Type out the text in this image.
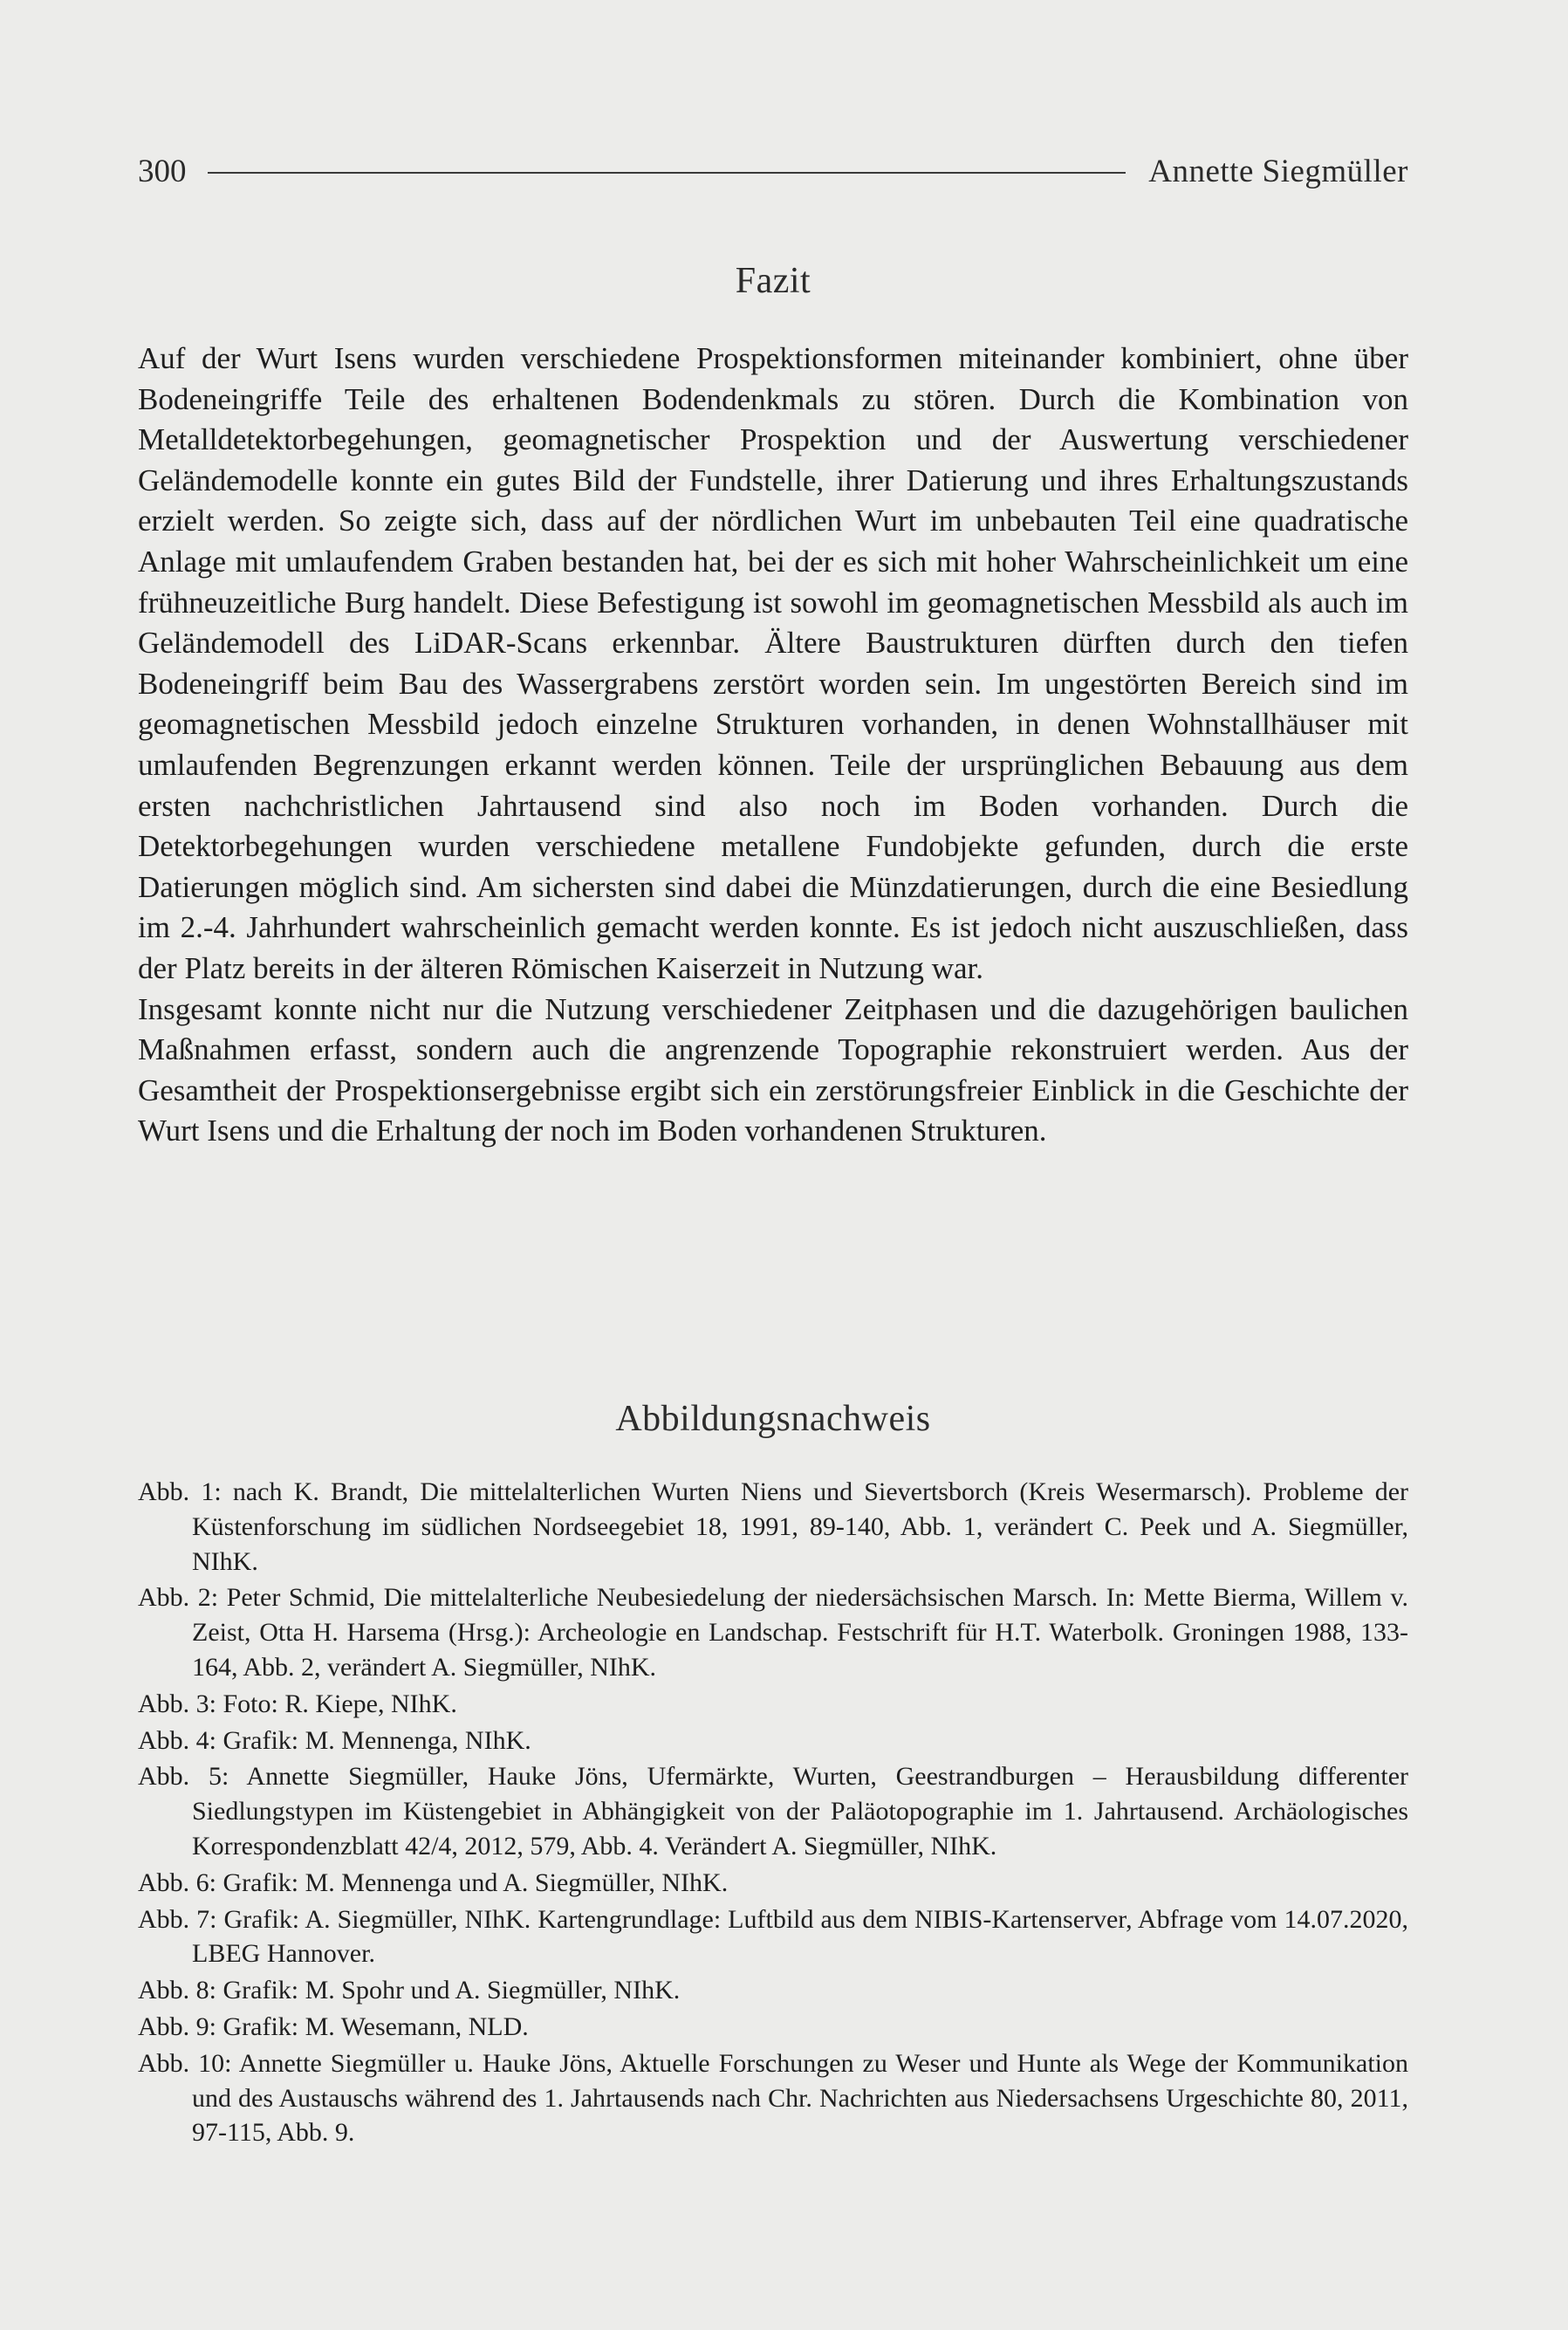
300	Annette Siegmüller
Fazit

Auf der Wurt Isens wurden verschiedene Prospektionsformen miteinander kombiniert, ohne über Bodeneingriffe Teile des erhaltenen Bodendenkmals zu stören. Durch die Kombination von Metalldetektorbegehungen, geomagnetischer Prospektion und der Auswertung verschiedener Geländemodelle konnte ein gutes Bild der Fundstelle, ihrer Datierung und ihres Erhaltungszustands erzielt werden. So zeigte sich, dass auf der nördlichen Wurt im unbebauten Teil eine quadratische Anlage mit umlaufendem Graben bestanden hat, bei der es sich mit hoher Wahrscheinlichkeit um eine frühneuzeitliche Burg handelt. Diese Befestigung ist sowohl im geomagnetischen Messbild als auch im Geländemodell des LiDAR-Scans erkennbar. Ältere Baustrukturen dürften durch den tiefen Bodeneingriff beim Bau des Wassergrabens zerstört worden sein. Im ungestörten Bereich sind im geomagnetischen Messbild jedoch einzelne Strukturen vorhanden, in denen Wohnstallhäuser mit umlaufenden Begrenzungen erkannt werden können. Teile der ursprünglichen Bebauung aus dem ersten nachchristlichen Jahrtausend sind also noch im Boden vorhanden. Durch die Detektorbegehungen wurden verschiedene metallene Fundobjekte gefunden, durch die erste Datierungen möglich sind. Am sichersten sind dabei die Münzdatierungen, durch die eine Besiedlung im 2.-4. Jahrhundert wahrscheinlich gemacht werden konnte. Es ist jedoch nicht auszuschließen, dass der Platz bereits in der älteren Römischen Kaiserzeit in Nutzung war.

Insgesamt konnte nicht nur die Nutzung verschiedener Zeitphasen und die dazugehörigen baulichen Maßnahmen erfasst, sondern auch die angrenzende Topographie rekonstruiert werden. Aus der Gesamtheit der Prospektionsergebnisse ergibt sich ein zerstörungsfreier Einblick in die Geschichte der Wurt Isens und die Erhaltung der noch im Boden vorhandenen Strukturen.

Abbildungsnachweis
Abb. 1: nach K. Brandt, Die mittelalterlichen Wurten Niens und Sievertsborch (Kreis Wesermarsch). Probleme der Küstenforschung im südlichen Nordseegebiet 18, 1991, 89-140, Abb. 1, verändert C. Peek und A. Siegmüller, NIhK.
Abb. 2: Peter Schmid, Die mittelalterliche Neubesiedelung der niedersächsischen Marsch. In: Mette Bierma, Willem v. Zeist, Otta H. Harsema (Hrsg.): Archeologie en Landschap. Festschrift für H.T. Waterbolk. Groningen 1988, 133-164, Abb. 2, verändert A. Siegmüller, NIhK.
Abb. 3: Foto: R. Kiepe, NIhK.
Abb. 4: Grafik: M. Mennenga, NIhK.
Abb. 5: Annette Siegmüller, Hauke Jöns, Ufermärkte, Wurten, Geestrandburgen – Herausbildung differenter Siedlungstypen im Küstengebiet in Abhängigkeit von der Paläotopographie im 1. Jahrtausend. Archäologisches Korrespondenzblatt 42/4, 2012, 579, Abb. 4. Verändert A. Siegmüller, NIhK.
Abb. 6: Grafik: M. Mennenga und A. Siegmüller, NIhK.
Abb. 7: Grafik: A. Siegmüller, NIhK. Kartengrundlage: Luftbild aus dem NIBIS-Kartenserver, Abfrage vom 14.07.2020, LBEG Hannover.
Abb. 8: Grafik: M. Spohr und A. Siegmüller, NIhK.
Abb. 9: Grafik: M. Wesemann, NLD.
Abb. 10: Annette Siegmüller u. Hauke Jöns, Aktuelle Forschungen zu Weser und Hunte als Wege der Kommunikation und des Austauschs während des 1. Jahrtausends nach Chr. Nachrichten aus Niedersachsens Urgeschichte 80, 2011, 97-115, Abb. 9.
